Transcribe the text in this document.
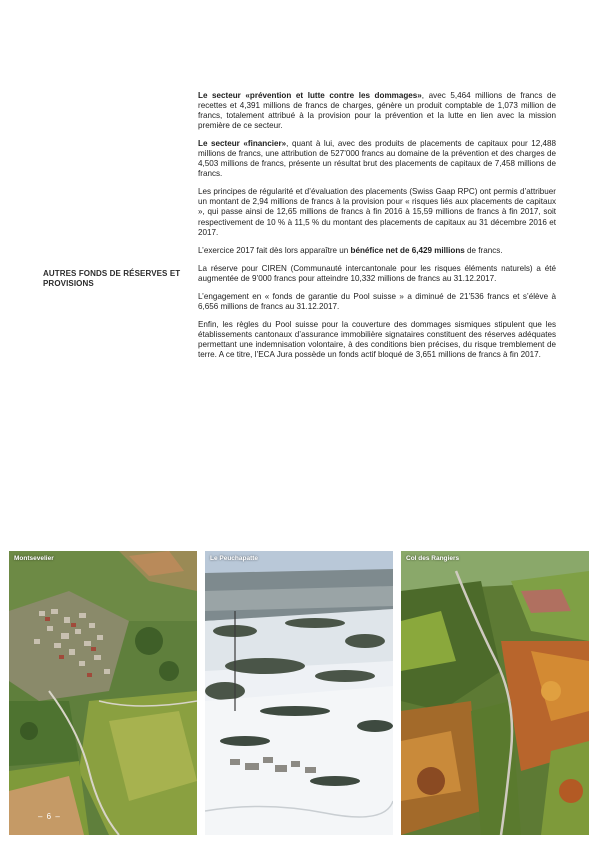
AUTRES FONDS DE RÉSERVES ET PROVISIONS

Le secteur «prévention et lutte contre les dommages», avec 5,464 millions de francs de recettes et 4,391 millions de francs de charges, génère un produit comptable de 1,073 million de francs, totalement attribué à la provision pour la prévention et la lutte en lien avec la mission première de ce secteur.

Le secteur «financier», quant à lui, avec des produits de placements de capitaux pour 12,488 millions de francs, une attribution de 527’000 francs au domaine de la prévention et des charges de 4,503 millions de francs, présente un résultat brut des placements de capitaux de 7,458 millions de francs.

Les principes de régularité et d’évaluation des placements (Swiss Gaap RPC) ont permis d’attribuer un montant de 2,94 millions de francs à la provision pour « risques liés aux placements de capitaux », qui passe ainsi de 12,65 millions de francs à fin 2016 à 15,59 millions de francs à fin 2017, soit respectivement de 10 % à 11,5 % du montant des placements de capitaux au 31 décembre 2016 et 2017.

L’exercice 2017 fait dès lors apparaître un bénéfice net de 6,429 millions de francs.

La réserve pour CIREN (Communauté intercantonale pour les risques éléments naturels) a été augmentée de 9’000 francs pour atteindre 10,332 millions de francs au 31.12.2017.

L’engagement en « fonds de garantie du Pool suisse » a diminué de 21’536 francs et s’élève à 6,656 millions de francs au 31.12.2017.

Enfin, les règles du Pool suisse pour la couverture des dommages sismiques stipulent que les établissements cantonaux d’assurance immobilière signataires constituent des réserves adéquates permettant une indemnisation volontaire, à des conditions bien précises, du risque tremblement de terre. A ce titre, l’ECA Jura possède un fonds actif bloqué de 3,651 millions de francs à fin 2017.

Montsevelier	Le Peuchapatte	Col des Rangiers
– 6 –
